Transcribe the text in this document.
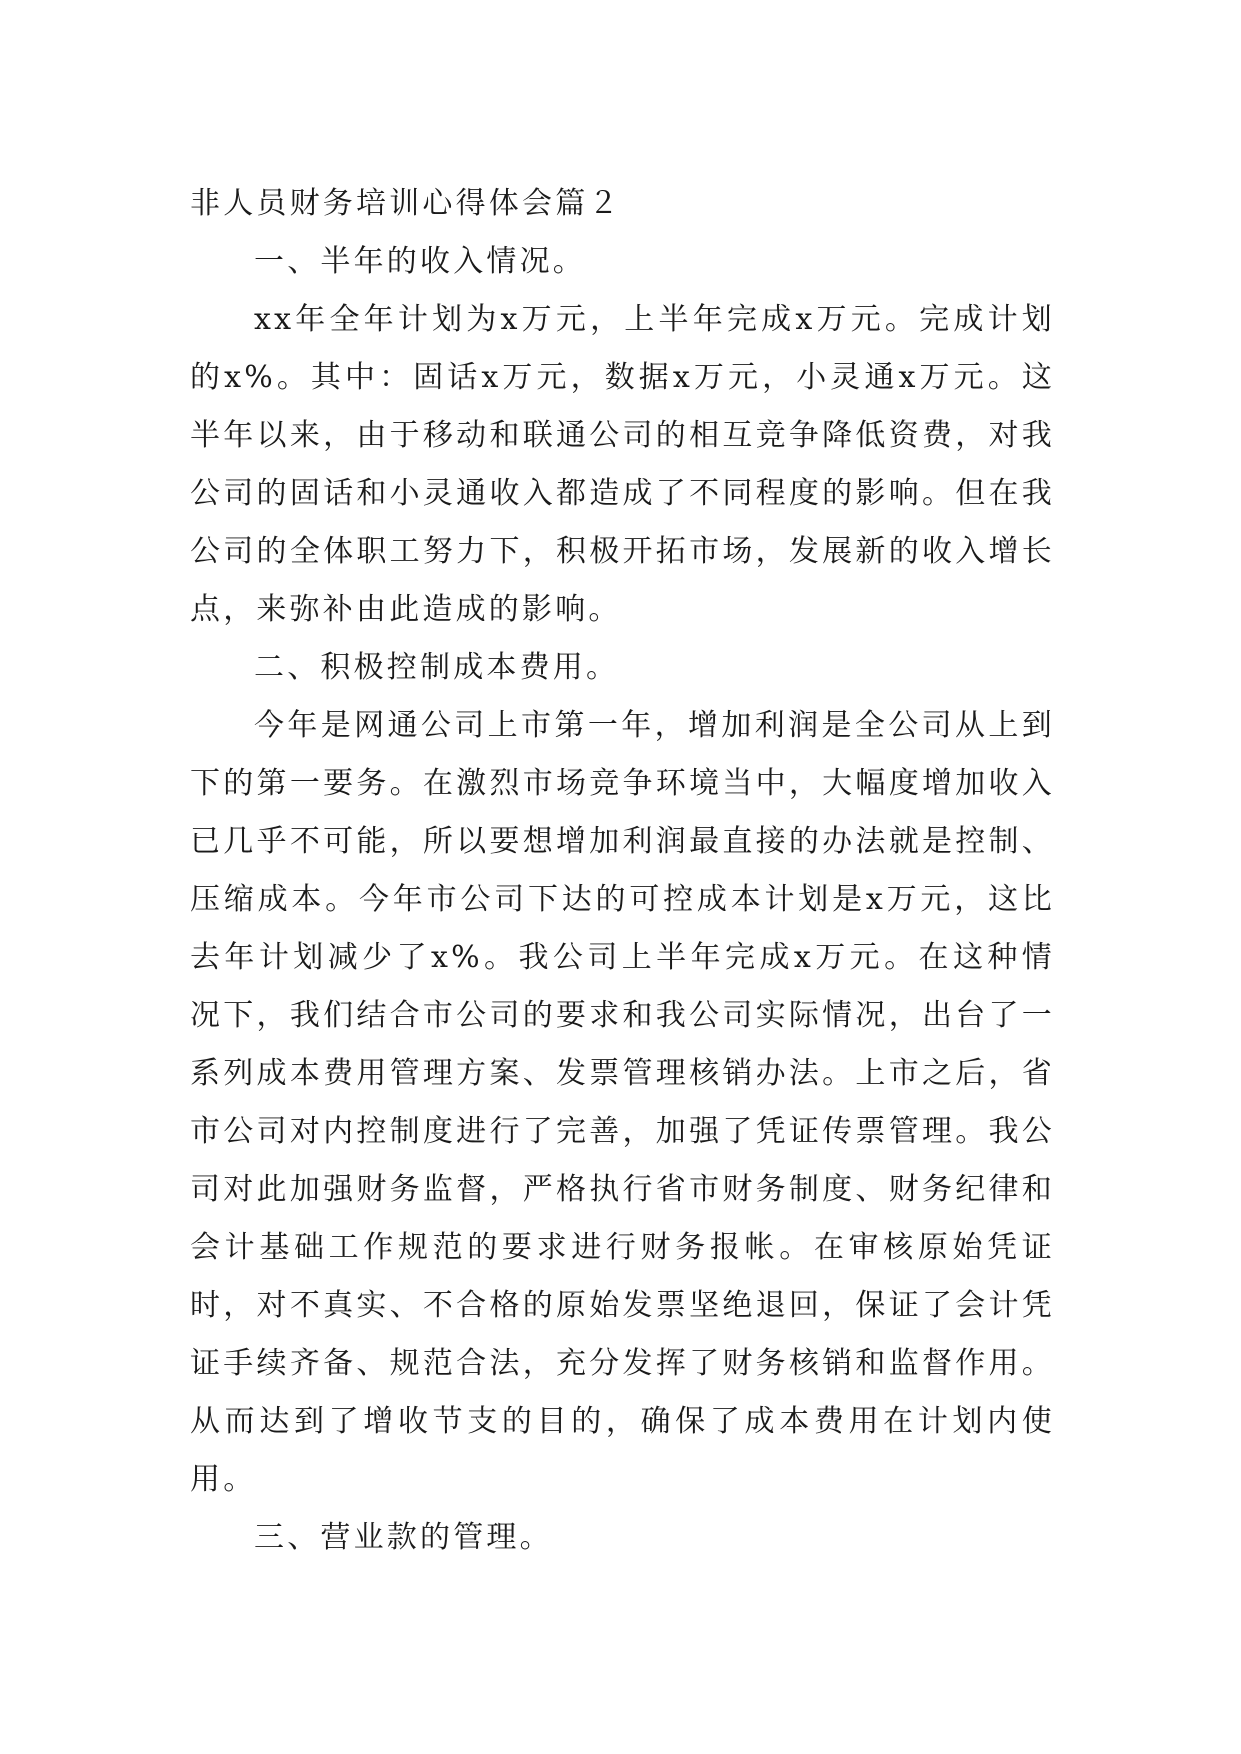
非人员财务培训心得体会篇２

一、半年的收入情况。

xx年全年计划为x万元，上半年完成x万元。完成计划的x%。其中：固话x万元，数据x万元，小灵通x万元。这半年以来，由于移动和联通公司的相互竞争降低资费，对我公司的固话和小灵通收入都造成了不同程度的影响。但在我公司的全体职工努力下，积极开拓市场，发展新的收入增长点，来弥补由此造成的影响。

二、积极控制成本费用。

今年是网通公司上市第一年，增加利润是全公司从上到下的第一要务。在激烈市场竞争环境当中，大幅度增加收入已几乎不可能，所以要想增加利润最直接的办法就是控制、压缩成本。今年市公司下达的可控成本计划是x万元，这比去年计划减少了x%。我公司上半年完成x万元。在这种情况下，我们结合市公司的要求和我公司实际情况，出台了一系列成本费用管理方案、发票管理核销办法。上市之后，省市公司对内控制度进行了完善，加强了凭证传票管理。我公司对此加强财务监督，严格执行省市财务制度、财务纪律和会计基础工作规范的要求进行财务报帐。在审核原始凭证时，对不真实、不合格的原始发票坚绝退回，保证了会计凭证手续齐备、规范合法，充分发挥了财务核销和监督作用。从而达到了增收节支的目的，确保了成本费用在计划内使用。

三、营业款的管理。
